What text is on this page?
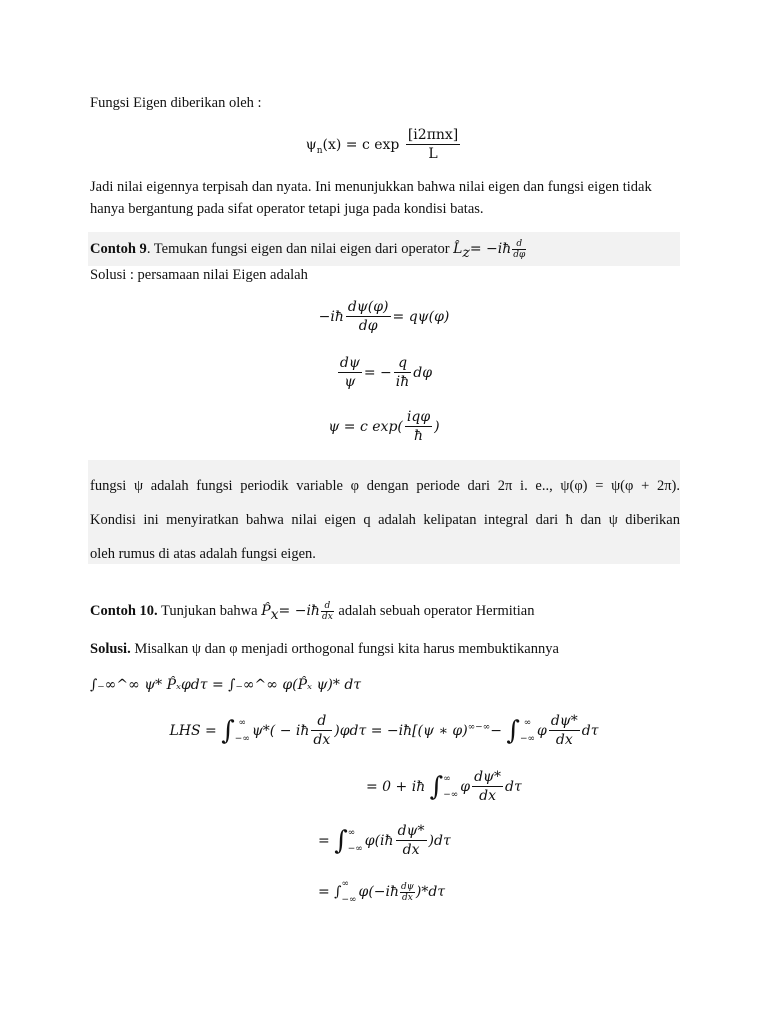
Fungsi Eigen diberikan oleh :
$\psi_n(x) = c$ $\exp \frac{\text{[i2πnx]}}{L}$
Jadi nilai eigennya terpisah dan nyata. Ini menunjukkan bahwa nilai eigen dan fungsi eigen tidak hanya bergantung pada sifat operator tetapi juga pada kondisi batas.
Contoh 9. Temukan fungsi eigen dan nilai eigen dari operator $L̂_z=$ −iħ $\frac{d}{d\varphi}$
Solusi : persamaan nilai Eigen adalah
−iħ $\frac{d\psi(\varphi)}{d\varphi} = q\psi(\varphi)$
$\frac{d\psi}{\psi}$ = − $\frac{q}{iħ}$ dφ
ψ = c $\exp( \frac{\text{iqφ}}{ħ}$ )
fungsi ψ adalah fungsi periodik variable φ dengan periode dari 2π i. e.., ψ(φ) = ψ(φ + 2π).
Kondisi ini menyiratkan bahwa nilai eigen q adalah kelipatan integral dari ħ dan ψ diberikan
oleh rumus di atas adalah fungsi eigen.
Contoh 10. Tunjukan bahwa $P̂_x=$ −iħ $\frac{d}{dx}$ adalah sebuah operator Hermitian
Solusi. Misalkan ψ dan φ menjadi orthogonal fungsi kita harus membuktikannya
∫₋∞^∞ ψ* P̂ₓφdτ = ∫₋∞^∞ φ(P̂ₓ ψ)* dτ
LHS = ∫ ∞
−∞ ψ*( − iħ $\frac{d}{dx} )\varphi d\tau$ = −iħ[(ψ ∗ φ)∞−∞− ∫ ∞
−∞ φ $\frac{d\psi*}{dx}$ dτ
= 0 + iħ ∫ ∞
−∞ φ $\frac{d\psi*}{dx}$ dτ
= ∫ ∞
−∞ φ(iħ $\frac{d\psi*}{dx} )d\tau$
= ∫ ∞
−∞ φ(−iħ $\frac{d\psi}{dx} )*d\tau$
